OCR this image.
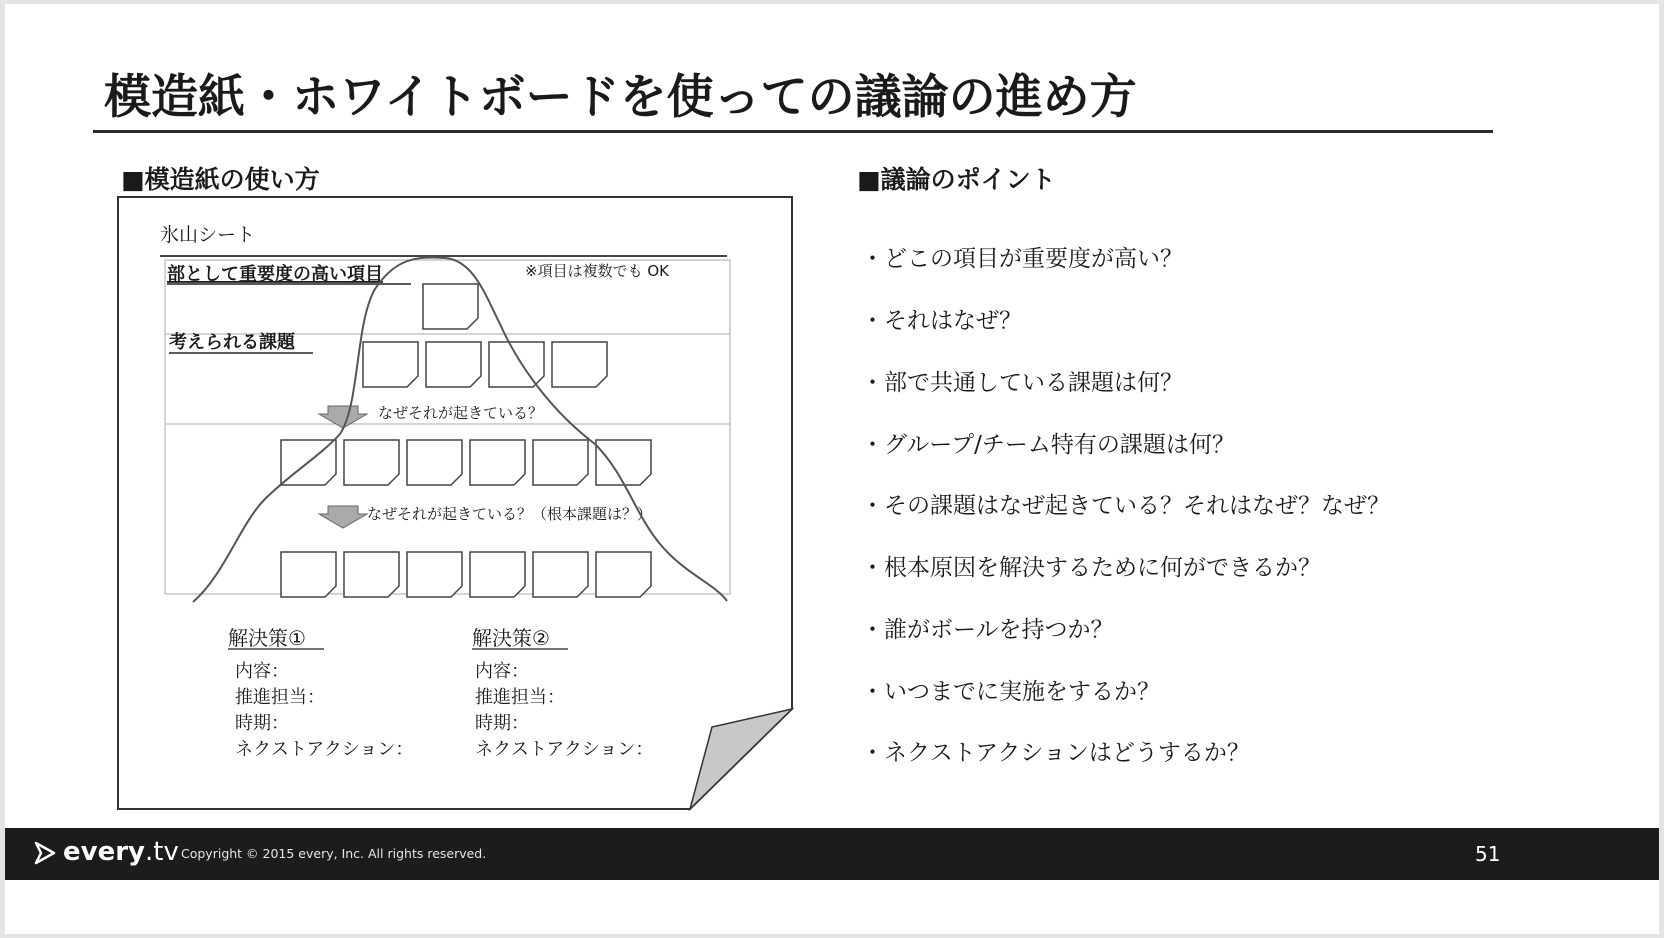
模造紙・ホワイトボードを使っての議論の進め方
■模造紙の使い方	■議論のポイント
氷山シート
部として重要度の高い項目	※項目は複数でも OK
考えられる課題
なぜそれが起きている？
なぜそれが起きている？（根本課題は？）
解決策①
内容：
推進担当：
時期：
ネクストアクション：
解決策②
内容：
推進担当：
時期：
ネクストアクション：
・どこの項目が重要度が高い？
・それはなぜ？
・部で共通している課題は何？
・グループ/チーム特有の課題は何？
・その課題はなぜ起きている？それはなぜ？なぜ？
・根本原因を解決するために何ができるか？
・誰がボールを持つか？
・いつまでに実施をするか？
・ネクストアクションはどうするか？
every.tv Copyright © 2015 every, Inc. All rights reserved.	51
